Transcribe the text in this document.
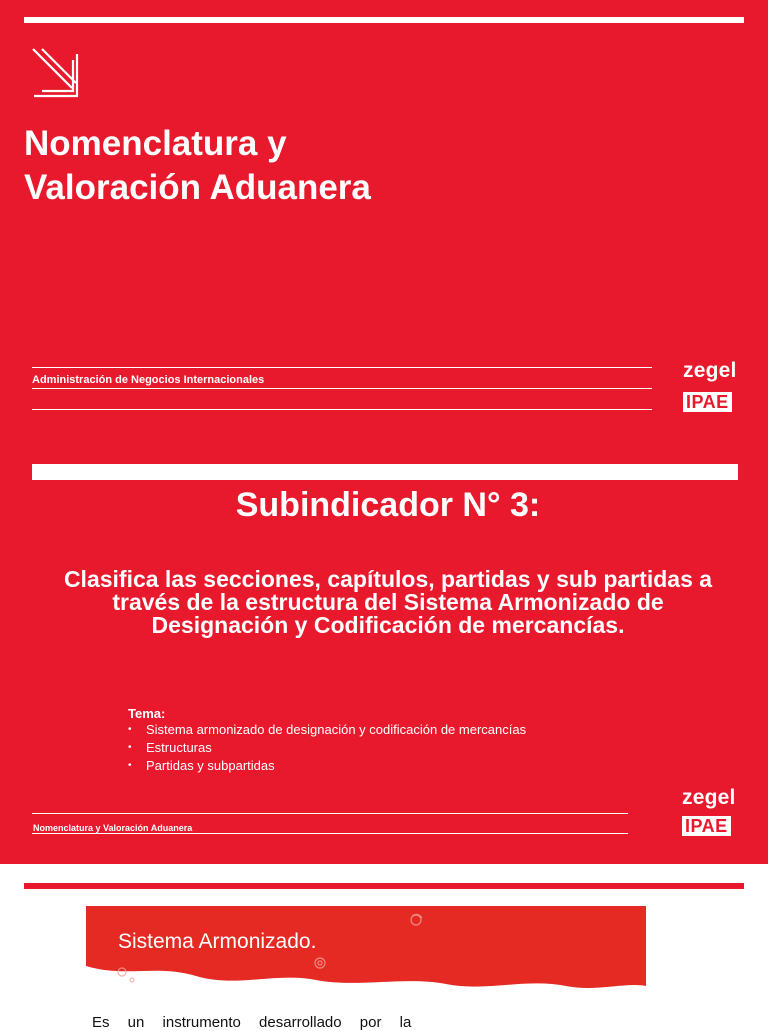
Nomenclatura y
Valoración Aduanera
Administración de Negocios Internacionales	zegel
IPAE
Subindicador N° 3:

Clasifica las secciones, capítulos, partidas y sub partidas a través de la estructura del Sistema Armonizado de Designación y Codificación de mercancías.

Tema:
• Sistema armonizado de designación y codificación de mercancías
• Estructuras
• Partidas y subpartidas
Nomenclatura y Valoración Aduanera
zegel
IPAE
Sistema Armonizado.
Es un instrumento desarrollado por la
